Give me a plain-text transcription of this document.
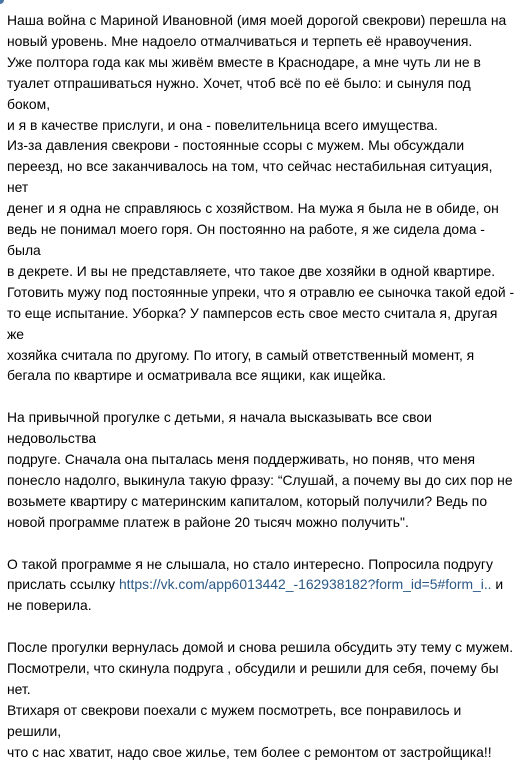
Наша война с Мариной Ивановной (имя моей дорогой свекрови) перешла на
новый уровень. Мне надоело отмалчиваться и терпеть её нравоучения.
Уже полтора года как мы живём вместе в Краснодаре, а мне чуть ли не в
туалет отпрашиваться нужно. Хочет, чтоб всё по её было: и сынуля под боком,
и я в качестве прислуги, и она - повелительница всего имущества.
Из-за давления свекрови - постоянные ссоры с мужем. Мы обсуждали
переезд, но все заканчивалось на том, что сейчас нестабильная ситуация, нет
денег и я одна не справляюсь с хозяйством. На мужа я была не в обиде, он
ведь не понимал моего горя. Он постоянно на работе, я же сидела дома - была
в декрете. И вы не представляете, что такое две хозяйки в одной квартире.
Готовить мужу под постоянные упреки, что я отравлю ее сыночка такой едой -
то еще испытание. Уборка? У памперсов есть свое место считала я, другая же
хозяйка считала по другому. По итогу, в самый ответственный момент, я
бегала по квартире и осматривала все ящики, как ищейка.

На привычной прогулке с детьми, я начала высказывать все свои недовольства
подруге. Сначала она пыталась меня поддерживать, но поняв, что меня
понесло надолго, выкинула такую фразу: “Слушай, а почему вы до сих пор не
возьмете квартиру с материнским капиталом, который получили? Ведь по
новой программе платеж в районе 20 тысяч можно получить".

О такой программе я не слышала, но стало интересно. Попросила подругу
прислать ссылку https://vk.com/app6013442_-162938182?form_id=5#form_i.. и
не поверила.

После прогулки вернулась домой и снова решила обсудить эту тему с мужем.
Посмотрели, что скинула подруга , обсудили и решили для себя, почему бы
нет.
Втихаря от свекрови поехали с мужем посмотреть, все понравилось и решили,
что с нас хватит, надо свое жилье, тем более с ремонтом от застройщика!!
